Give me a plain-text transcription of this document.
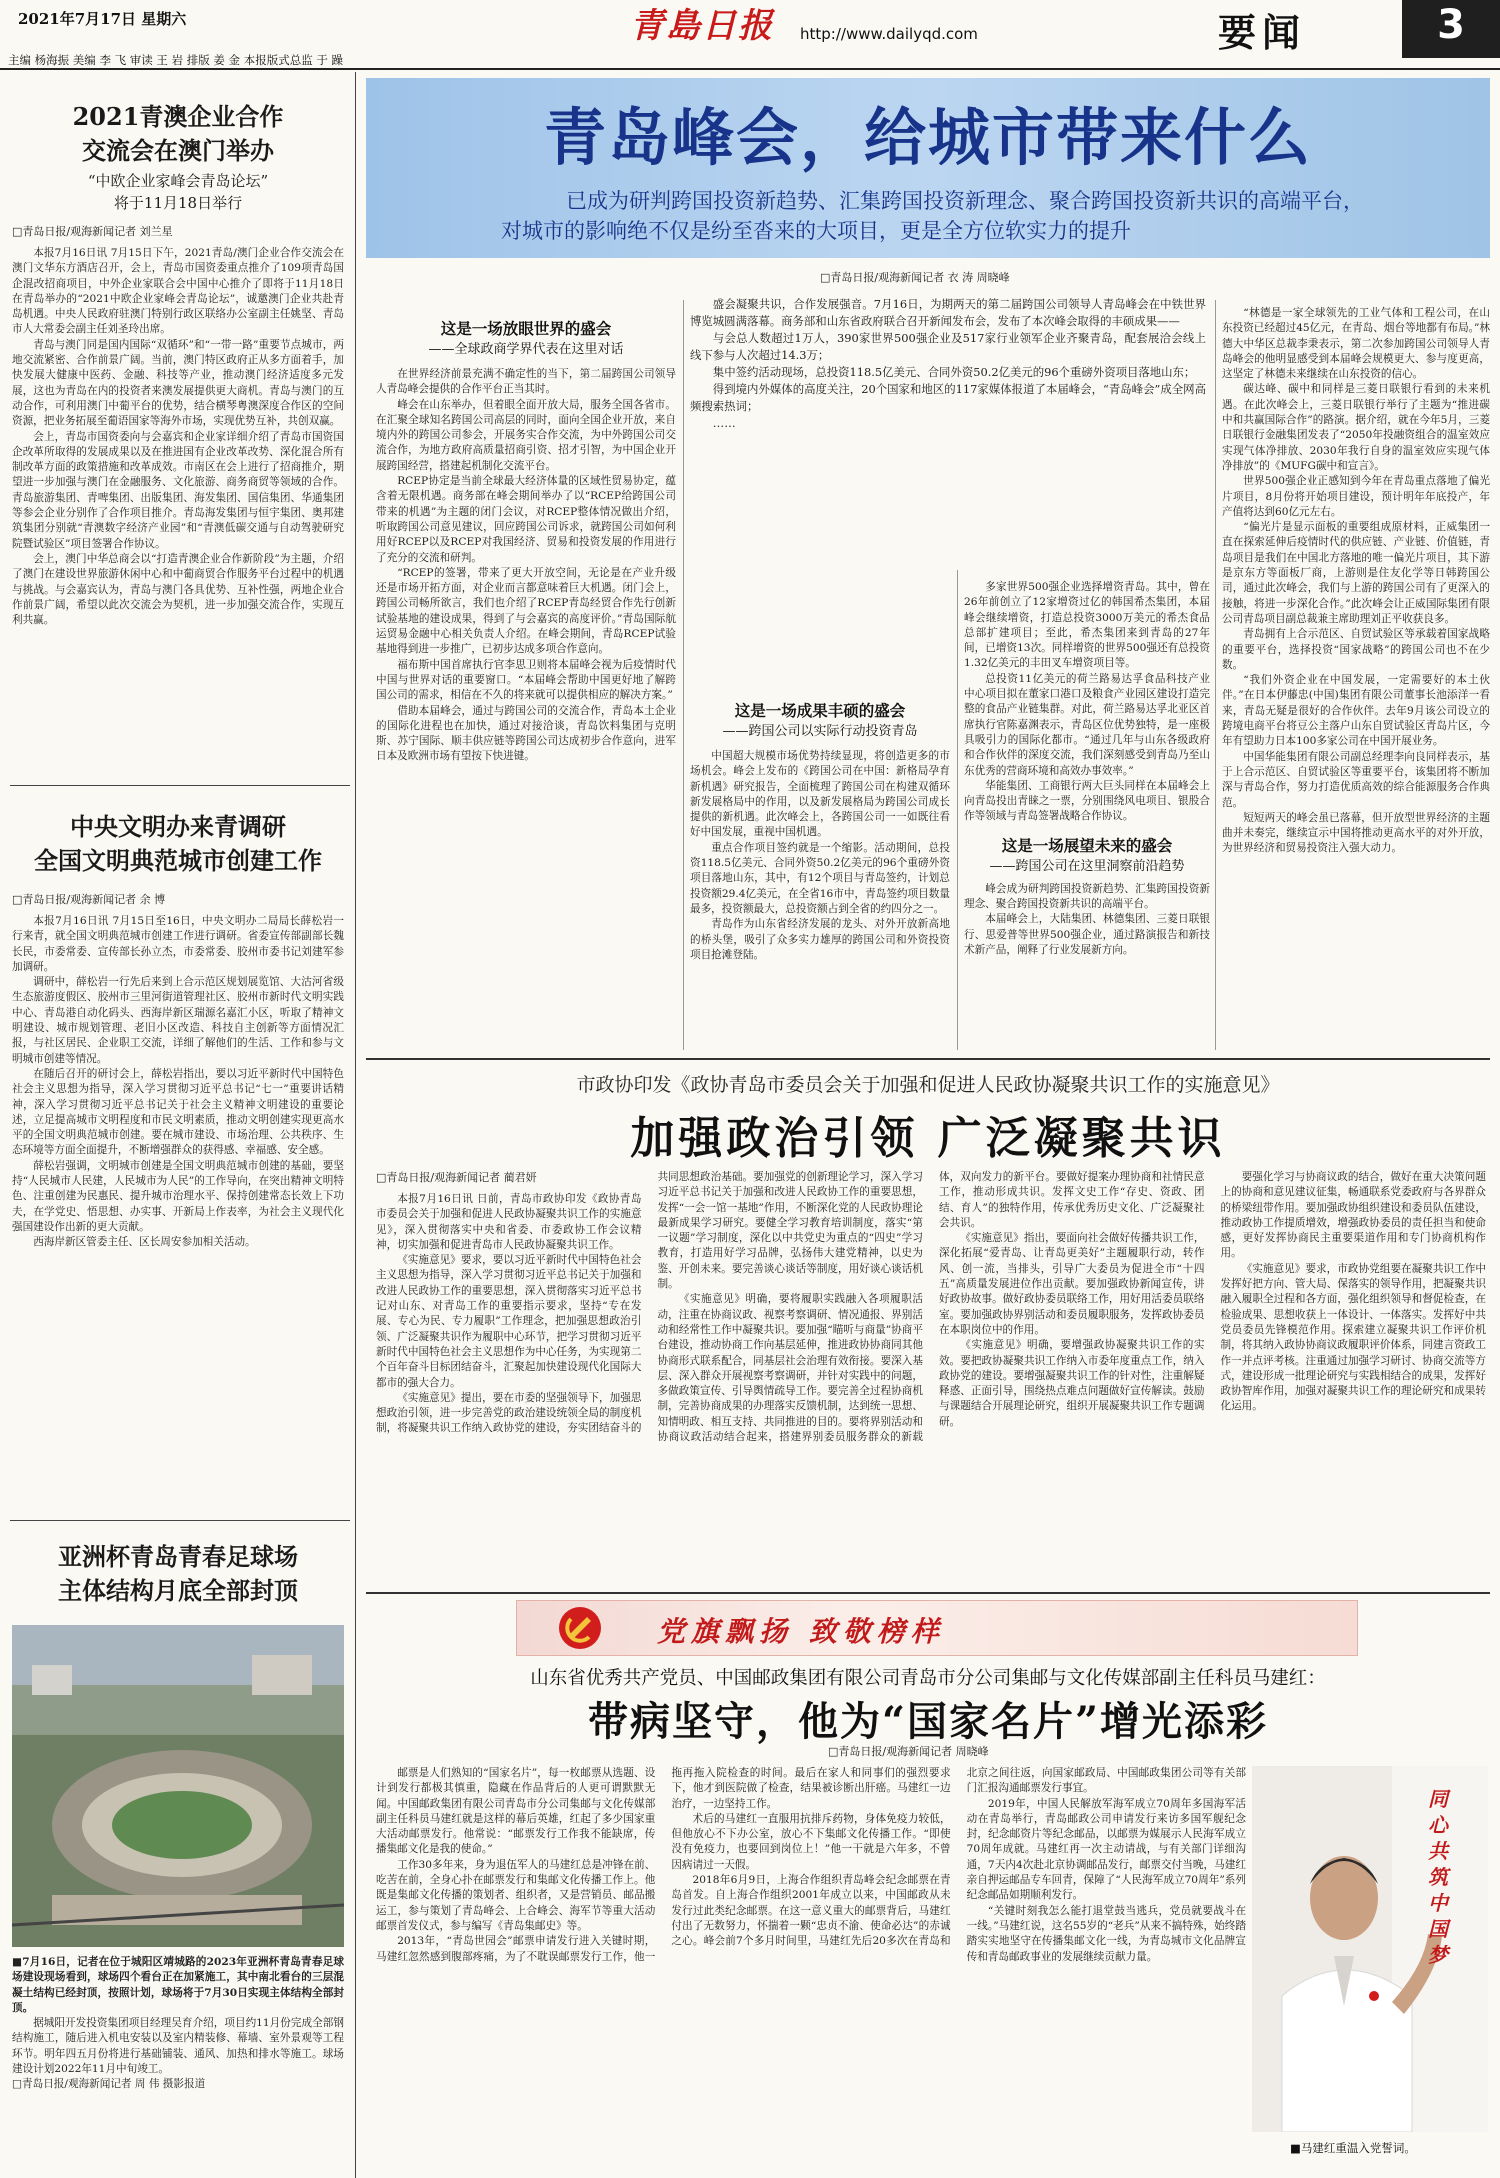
2021年7月17日 星期六	青島日报 http://www.dailyqd.com	要闻	3
主编 杨海振 美编 李 飞 审读 王 岩 排版 姜 金 本报版式总监 于 躁
2021青澳企业合作
交流会在澳门举办
“中欧企业家峰会青岛论坛”
将于11月18日举行
□青岛日报/观海新闻记者 刘兰星

本报7月16日讯 7月15日下午，2021青岛/澳门企业合作交流会在澳门文华东方酒店召开，会上，青岛市国资委重点推介了109项青岛国企混改招商项目，中外企业家联合会中国中心推介了即将于11月18日在青岛举办的“2021中欧企业家峰会青岛论坛”，诚邀澳门企业共赴青岛机遇。中央人民政府驻澳门特别行政区联络办公室副主任姚坚、青岛市人大常委会副主任刘圣玲出席。

青岛与澳门同是国内国际“双循环”和“一带一路”重要节点城市，两地交流紧密、合作前景广阔。当前，澳门特区政府正从多方面着手，加快发展大健康中医药、金融、科技等产业，推动澳门经济适度多元发展，这也为青岛在内的投资者来澳发展提供更大商机。青岛与澳门的互动合作，可利用澳门中葡平台的优势，结合横琴粤澳深度合作区的空间资源，把业务拓展至葡语国家等海外市场，实现优势互补，共创双赢。

会上，青岛市国资委向与会嘉宾和企业家详细介绍了青岛市国资国企改革所取得的发展成果以及在推进国有企业改革改势、深化混合所有制改革方面的政策措施和改革成效。市南区在会上进行了招商推介，期望进一步加强与澳门在金融服务、文化旅游、商务商贸等领域的合作。青岛旅游集团、青啤集团、出版集团、海发集团、国信集团、华通集团等参会企业分别作了合作项目推介。青岛海发集团与恒宇集团、奥邦建筑集团分别就“青澳数字经济产业园”和“青澳低碳交通与自动驾驶研究院暨试验区”项目签署合作协议。

会上，澳门中华总商会以“打造青澳企业合作新阶段”为主题，介绍了澳门在建设世界旅游休闲中心和中葡商贸合作服务平台过程中的机遇与挑战。与会嘉宾认为，青岛与澳门各具优势、互补性强，两地企业合作前景广阔，希望以此次交流会为契机，进一步加强交流合作，实现互利共赢。

中央文明办来青调研
全国文明典范城市创建工作
□青岛日报/观海新闻记者 余 博

本报7月16日讯 7月15日至16日，中央文明办二局局长薛松岩一行来青，就全国文明典范城市创建工作进行调研。省委宣传部副部长魏长民，市委常委、宣传部长孙立杰，市委常委、胶州市委书记刘建军参加调研。

调研中，薛松岩一行先后来到上合示范区规划展览馆、大沽河省级生态旅游度假区、胶州市三里河街道管理社区、胶州市新时代文明实践中心、青岛港自动化码头、西海岸新区瑞源名嘉汇小区，听取了精神文明建设、城市规划管理、老旧小区改造、科技自主创新等方面情况汇报，与社区居民、企业职工交流，详细了解他们的生活、工作和参与文明城市创建等情况。

在随后召开的研讨会上，薛松岩指出，要以习近平新时代中国特色社会主义思想为指导，深入学习贯彻习近平总书记“七一”重要讲话精神，深入学习贯彻习近平总书记关于社会主义精神文明建设的重要论述，立足提高城市文明程度和市民文明素质，推动文明创建实现更高水平的全国文明典范城市创建。要在城市建设、市场治理、公共秩序、生态环境等方面全面提升，不断增强群众的获得感、幸福感、安全感。

薛松岩强调，文明城市创建是全国文明典范城市创建的基础，要坚持“人民城市人民建，人民城市为人民”的工作导向，在突出精神文明特色、注重创建为民惠民、提升城市治理水平、保持创建常态长效上下功夫，在学党史、悟思想、办实事、开新局上作表率，为社会主义现代化强国建设作出新的更大贡献。

西海岸新区管委主任、区长周安参加相关活动。

亚洲杯青岛青春足球场
主体结构月底全部封顶

■7月16日，记者在位于城阳区靖城路的2023年亚洲杯青岛青春足球场建设现场看到，球场四个看台正在加紧施工，其中南北看台的三层混凝土结构已经封顶，按照计划，球场将于7月30日实现主体结构全部封顶。

据城阳开发投资集团项目经理吴育介绍，项目约11月份完成全部钢结构施工，随后进入机电安装以及室内精装修、幕墙、室外景观等工程环节。明年四五月份将进行基础铺装、通风、加热和排水等施工。球场建设计划2022年11月中旬竣工。

□青岛日报/观海新闻记者 周 伟 摄影报道

青岛峰会，给城市带来什么
已成为研判跨国投资新趋势、汇集跨国投资新理念、聚合跨国投资新共识的高端平台，
对城市的影响绝不仅是纷至沓来的大项目，更是全方位软实力的提升
□青岛日报/观海新闻记者 衣 涛 周晓峰
这是一场放眼世界的盛会
——全球政商学界代表在这里对话

在世界经济前景充满不确定性的当下，第二届跨国公司领导人青岛峰会提供的合作平台正当其时。

峰会在山东举办，但着眼全面开放大局，服务全国各省市。在汇聚全球知名跨国公司高层的同时，面向全国企业开放，来自境内外的跨国公司参会，开展务实合作交流，为中外跨国公司交流合作，为地方政府高质量招商引资、招才引智，为中国企业开展跨国经营，搭建起机制化交流平台。

RCEP协定是当前全球最大经济体量的区域性贸易协定，蕴含着无限机遇。商务部在峰会期间举办了以“RCEP给跨国公司带来的机遇”为主题的闭门会议，对RCEP整体情况做出介绍，听取跨国公司意见建议，回应跨国公司诉求，就跨国公司如何利用好RCEP以及RCEP对我国经济、贸易和投资发展的作用进行了充分的交流和研判。

“RCEP的签署，带来了更大开放空间，无论是在产业升级还是市场开拓方面，对企业而言都意味着巨大机遇。闭门会上，跨国公司畅所欲言，我们也介绍了RCEP青岛经贸合作先行创新试验基地的建设成果，得到了与会嘉宾的高度评价。”青岛国际航运贸易金融中心相关负责人介绍。在峰会期间，青岛RCEP试验基地得到进一步推广，已初步达成多项合作意向。

福布斯中国首席执行官李思卫则将本届峰会视为后疫情时代中国与世界对话的重要窗口。“本届峰会帮助中国更好地了解跨国公司的需求，相信在不久的将来就可以提供相应的解决方案。”

借助本届峰会，通过与跨国公司的交流合作，青岛本土企业的国际化进程也在加快，通过对接洽谈，青岛饮料集团与克明斯、苏宁国际、顺丰供应链等跨国公司达成初步合作意向，进军日本及欧洲市场有望按下快进键。

盛会凝聚共识，合作发展强音。7月16日，为期两天的第二届跨国公司领导人青岛峰会在中铁世界博览城圆满落幕。商务部和山东省政府联合召开新闻发布会，发布了本次峰会取得的丰硕成果——

与会总人数超过1万人，390家世界500强企业及517家行业领军企业齐聚青岛，配套展洽会线上线下参与人次超过14.3万；

集中签约活动现场，总投资118.5亿美元、合同外资50.2亿美元的96个重磅外资项目落地山东；

得到境内外媒体的高度关注，20个国家和地区的117家媒体报道了本届峰会，“青岛峰会”成全网高频搜索热词；

……

这是一场成果丰硕的盛会
——跨国公司以实际行动投资青岛

中国超大规模市场优势持续显现，将创造更多的市场机会。峰会上发布的《跨国公司在中国：新格局孕育新机遇》研究报告，全面梳理了跨国公司在构建双循环新发展格局中的作用，以及新发展格局为跨国公司成长提供的新机遇。此次峰会上，各跨国公司一一如既往看好中国发展，重视中国机遇。

重点合作项目签约就是一个缩影。活动期间，总投资118.5亿美元、合同外资50.2亿美元的96个重磅外资项目落地山东，其中，有12个项目与青岛签约，计划总投资额29.4亿美元，在全省16市中，青岛签约项目数量最多，投资额最大，总投资额占到全省的约四分之一。

青岛作为山东省经济发展的龙头、对外开放新高地的桥头堡，吸引了众多实力雄厚的跨国公司和外资投资项目抢滩登陆。

多家世界500强企业选择增资青岛。其中，曾在26年前创立了12家增资过亿的韩国希杰集团，本届峰会继续增资，打造总投资3000万美元的希杰食品总部扩建项目；至此，希杰集团来到青岛的27年间，已增资13次。同样增资的世界500强还有总投资1.32亿美元的丰田叉车增资项目等。

总投资11亿美元的荷兰路易达孚食品科技产业中心项目拟在董家口港口及粮食产业园区建设打造完整的食品产业链集群。对此，荷兰路易达孚北亚区首席执行官陈嘉渊表示，青岛区位优势独特，是一座极具吸引力的国际化都市。“通过几年与山东各级政府和合作伙伴的深度交流，我们深刻感受到青岛乃至山东优秀的营商环境和高效办事效率。”

华能集团、工商银行两大巨头同样在本届峰会上向青岛投出青睐之一票，分别围绕风电项目、银股合作等领域与青岛签署战略合作协议。

这是一场展望未来的盛会
——跨国公司在这里洞察前沿趋势

峰会成为研判跨国投资新趋势、汇集跨国投资新理念、聚合跨国投资新共识的高端平台。

本届峰会上，大陆集团、林德集团、三菱日联银行、思爱普等世界500强企业，通过路演报告和新技术新产品，阐释了行业发展新方向。

“林德是一家全球领先的工业气体和工程公司，在山东投资已经超过45亿元，在青岛、烟台等地都有布局。”林德大中华区总裁李秉表示，第二次参加跨国公司领导人青岛峰会的他明显感受到本届峰会规模更大、参与度更高，这坚定了林德未来继续在山东投资的信心。

碳达峰、碳中和同样是三菱日联银行看到的未来机遇。在此次峰会上，三菱日联银行举行了主题为“推进碳中和共赢国际合作”的路演。据介绍，就在今年5月，三菱日联银行金融集团发表了“2050年投融资组合的温室效应实现气体净排放、2030年我行自身的温室效应实现气体净排放”的《MUFG碳中和宣言》。

世界500强企业正感知到今年在青岛重点落地了偏光片项目，8月份将开始项目建设，预计明年年底投产，年产值将达到60亿元左右。

“偏光片是显示面板的重要组成原材料，正威集团一直在探索延伸后疫情时代的供应链、产业链、价值链，青岛项目是我们在中国北方落地的唯一偏光片项目，其下游是京东方等面板厂商，上游则是住友化学等日韩跨国公司，通过此次峰会，我们与上游的跨国公司有了更深入的接触，将进一步深化合作。”此次峰会让正威国际集团有限公司青岛项目副总裁兼主席助理刘正平收获良多。

青岛拥有上合示范区、自贸试验区等承载着国家战略的重要平台，选择投资“国家战略”的跨国公司也不在少数。

“我们外资企业在中国发展，一定需要好的本土伙伴。”在日本伊藤忠(中国)集团有限公司董事长池添洋一看来，青岛无疑是很好的合作伙伴。去年9月该公司设立的跨境电商平台将豆公主落户山东自贸试验区青岛片区，今年有望助力日本100多家公司在中国开展业务。

中国华能集团有限公司副总经理李向良同样表示，基于上合示范区、自贸试验区等重要平台，该集团将不断加深与青岛合作，努力打造优质高效的综合能源服务合作典范。

短短两天的峰会虽已落幕，但开放型世界经济的主题曲并未奏完，继续宣示中国将推动更高水平的对外开放，为世界经济和贸易投资注入强大动力。

市政协印发《政协青岛市委员会关于加强和促进人民政协凝聚共识工作的实施意见》
加强政治引领 广泛凝聚共识
□青岛日报/观海新闻记者 蔺君妍

本报7月16日讯 日前，青岛市政协印发《政协青岛市委员会关于加强和促进人民政协凝聚共识工作的实施意见》，深入贯彻落实中央和省委、市委政协工作会议精神，切实加强和促进青岛市人民政协凝聚共识工作。

《实施意见》要求，要以习近平新时代中国特色社会主义思想为指导，深入学习贯彻习近平总书记关于加强和改进人民政协工作的重要思想，深入贯彻落实习近平总书记对山东、对青岛工作的重要指示要求，坚持“专在发展、专心为民、专力履职”工作理念，把加强思想政治引领、广泛凝聚共识作为履职中心环节，把学习贯彻习近平新时代中国特色社会主义思想作为中心任务，为实现第二个百年奋斗目标团结奋斗，汇聚起加快建设现代化国际大都市的强大合力。

《实施意见》提出，要在市委的坚强领导下，加强思想政治引领，进一步完善党的政治建设统领全局的制度机制，将凝聚共识工作纳入政协党的建设，夯实团结奋斗的共同思想政治基础。要加强党的创新理论学习，深入学习习近平总书记关于加强和改进人民政协工作的重要思想，发挥“一会一馆一基地”作用，不断深化党的人民政协理论最新成果学习研究。要健全学习教育培训制度，落实“第一议题”学习制度，深化以中共党史为重点的“四史”学习教育，打造用好学习品牌，弘扬伟大建党精神，以史为鉴、开创未来。要完善谈心谈话等制度，用好谈心谈话机制。

《实施意见》明确，要将履职实践融入各项履职活动，注重在协商议政、视察考察调研、情况通报、界别活动和经常性工作中凝聚共识。要加强“瞄听与商量”协商平台建设，推动协商工作向基层延伸，推进政协协商同其他协商形式联系配合，同基层社会治理有效衔接。要深入基层、深入群众开展视察考察调研，并针对实践中的问题，多做政策宣传、引导舆情疏导工作。要完善全过程协商机制，完善协商成果的办理落实反馈机制，达到统一思想、知情明政、相互支持、共同推进的目的。要将界别活动和协商议政活动结合起来，搭建界别委员服务群众的新载体，双向发力的新平台。要做好提案办理协商和社情民意工作，推动形成共识。发挥文史工作“存史、资政、团结、育人”的独特作用，传承优秀历史文化、广泛凝聚社会共识。

《实施意见》指出，要面向社会做好传播共识工作，深化拓展“爱青岛、让青岛更美好”主题履职行动，转作风、创一流，当排头，引导广大委员为促进全市“十四五”高质量发展进位作出贡献。要加强政协新闻宣传，讲好政协故事。做好政协委员联络工作，用好用活委员联络室。要加强政协界别活动和委员履职服务，发挥政协委员在本职岗位中的作用。

《实施意见》明确，要增强政协凝聚共识工作的实效。要把政协凝聚共识工作纳入市委年度重点工作，纳入政协党的建设。要增强凝聚共识工作的针对性，注重解疑释惑、正面引导，围绕热点难点问题做好宣传解读。鼓励与课题结合开展理论研究，组织开展凝聚共识工作专题调研。

要强化学习与协商议政的结合，做好在重大决策问题上的协商和意见建议征集，畅通联系党委政府与各界群众的桥梁纽带作用。要加强政协组织建设和委员队伍建设，推动政协工作提质增效，增强政协委员的责任担当和使命感，更好发挥协商民主重要渠道作用和专门协商机构作用。

《实施意见》要求，市政协党组要在凝聚共识工作中发挥好把方向、管大局、保落实的领导作用，把凝聚共识融入履职全过程和各方面，强化组织领导和督促检查，在检验成果、思想收获上一体设计、一体落实。发挥好中共党员委员先锋模范作用。探索建立凝聚共识工作评价机制，将其纳入政协协商议政履职评价体系，同建言资政工作一并点评考核。注重通过加强学习研讨、协商交流等方式，建设形成一批理论研究与实践相结合的成果，发挥好政协智库作用，加强对凝聚共识工作的理论研究和成果转化运用。

党旗飘扬 致敬榜样
山东省优秀共产党员、中国邮政集团有限公司青岛市分公司集邮与文化传媒部副主任科员马建红：
带病坚守，他为“国家名片”增光添彩
□青岛日报/观海新闻记者 周晓峰

邮票是人们熟知的“国家名片”，每一枚邮票从选题、设计到发行都极其慎重，隐藏在作品背后的人更可谓默默无闻。中国邮政集团有限公司青岛市分公司集邮与文化传媒部副主任科员马建红就是这样的幕后英雄，红起了多少国家重大活动邮票发行。他常说：“邮票发行工作我不能缺席，传播集邮文化是我的使命。”

工作30多年来，身为退伍军人的马建红总是冲锋在前、吃苦在前，全身心扑在邮票发行和集邮文化传播工作上。他既是集邮文化传播的策划者、组织者，又是营销员、邮品搬运工，参与策划了青岛峰会、上合峰会、海军节等重大活动邮票首发仪式，参与编写《青岛集邮史》等。

2013年，“青岛世园会”邮票申请发行进入关键时期，马建红忽然感到腹部疼痛，为了不耽误邮票发行工作，他一拖再拖入院检查的时间。最后在家人和同事们的强烈要求下，他才到医院做了检查，结果被诊断出肝癌。马建红一边治疗，一边坚持工作。

术后的马建红一直服用抗排斥药物，身体免疫力较低，但他放心不下办公室，放心不下集邮文化传播工作。“即使没有免疫力，也要回到岗位上！”他一干就是六年多，不曾因病请过一天假。

2018年6月9日，上海合作组织青岛峰会纪念邮票在青岛首发。自上海合作组织2001年成立以来，中国邮政从未发行过此类纪念邮票。在这一意义重大的邮票背后，马建红付出了无数努力，怀揣着一颗“忠贞不渝、使命必达”的赤诚之心。峰会前7个多月时间里，马建红先后20多次在青岛和北京之间往返，向国家邮政局、中国邮政集团公司等有关部门汇报沟通邮票发行事宜。

2019年，中国人民解放军海军成立70周年多国海军活动在青岛举行，青岛邮政公司申请发行来访多国军舰纪念封，纪念邮资片等纪念邮品，以邮票为媒展示人民海军成立70周年成就。马建红再一次主动请战，与有关部门详细沟通，7天内4次赴北京协调邮品发行，邮票交付当晚，马建红亲自押运邮品专车回青，保障了“人民海军成立70周年”系列纪念邮品如期顺利发行。

“关键时刻我怎么能打退堂鼓当逃兵，党员就要战斗在一线。”马建红说，这名55岁的“老兵”从来不搞特殊，始终踏踏实实地坚守在传播集邮文化一线，为青岛城市文化品牌宣传和青岛邮政事业的发展继续贡献力量。

同心共筑 中国梦
■马建红重温入党誓词。
